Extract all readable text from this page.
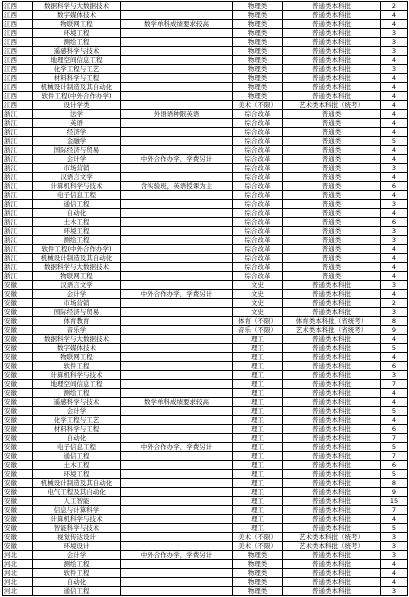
江西	数据科学与大数据技术		物理类	普通类本科批	2
江西	数字媒体技术		物理类	普通类本科批	4
江西	物联网工程	数学单科成绩要求较高	物理类	普通类本科批	4
江西	环境工程		物理类	普通类本科批	3
江西	测绘工程		物理类	普通类本科批	3
江西	遥感科学与技术		物理类	普通类本科批	3
江西	地理空间信息工程		物理类	普通类本科批	4
江西	化学工程与工艺		物理类	普通类本科批	3
江西	材料科学与工程		物理类	普通类本科批	4
江西	机械设计制造及其自动化		物理类	普通类本科批	4
江西	软件工程(中外合作办学)		物理类	普通类本科批	4
江西	设计学类		美术（不限）	艺术类本科批（统考）	4
浙江	法学	外语语种限英语	综合改革	普通类	4
浙江	英语		综合改革	普通类	4
浙江	经济学		综合改革	普通类	4
浙江	金融学		综合改革	普通类	5
浙江	国际经济与贸易		综合改革	普通类	4
浙江	会计学	中外合作办学，学费另计	综合改革	普通类	4
浙江	市场营销		综合改革	普通类	3
浙江	汉语言文学		综合改革	普通类	4
浙江	计算机科学与技术	含实验班，英语授课为主	综合改革	普通类	6
浙江	电子信息工程		综合改革	普通类	4
浙江	通信工程		综合改革	普通类	3
浙江	自动化		综合改革	普通类	4
浙江	土木工程		综合改革	普通类	6
浙江	环境工程		综合改革	普通类	3
浙江	测绘工程		综合改革	普通类	3
浙江	软件工程(中外合作办学)		综合改革	普通类	4
浙江	机械设计制造及其自动化		综合改革	普通类	4
浙江	数据科学与大数据技术		综合改革	普通类	4
浙江	物联网工程		综合改革	普通类	4
安徽	汉语言文学		文史	普通类本科批	3
安徽	会计学	中外合作办学，学费另计	文史	普通类本科批	4
安徽	市场营销		文史	普通类本科批	2
安徽	国际经济与贸易		文史	普通类本科批	3
安徽	体育教育		体育（不限）	体育类本科批（省统考）	8
安徽	音乐学		音乐（不限）	艺术类本科批（省统考）	9
安徽	数据科学与大数据技术		理工	普通类本科批	4
安徽	数字媒体技术		理工	普通类本科批	5
安徽	物联网工程		理工	普通类本科批	4
安徽	软件工程		理工	普通类本科批	6
安徽	计算机科学与技术		理工	普通类本科批	3
安徽	地理空间信息工程		理工	普通类本科批	7
安徽	测绘工程		理工	普通类本科批	4
安徽	遥感科学与技术	数学单科成绩要求较高	理工	普通类本科批	4
安徽	会计学		理工	普通类本科批	5
安徽	化学工程与工艺		理工	普通类本科批	4
安徽	材料科学与工程		理工	普通类本科批	6
安徽	自动化		理工	普通类本科批	7
安徽	电子信息工程	中外合作办学，学费另计	理工	普通类本科批	5
安徽	通信工程		理工	普通类本科批	7
安徽	土木工程		理工	普通类本科批	6
安徽	环境工程		理工	普通类本科批	5
安徽	机械设计制造及其自动化		理工	普通类本科批	8
安徽	电气工程及其自动化		理工	普通类本科批	9
安徽	人工智能		理工	普通类本科批	15
安徽	信息与计算科学		理工	普通类本科批	7
安徽	计算机科学与技术		理工	普通类本科批	4
安徽	智能科学与技术		理工	普通类本科批	5
安徽	视觉传达设计		美术（不限）	艺术类本科批（统考）	3
安徽	环境设计		美术（不限）	艺术类本科批（统考）	3
河北	会计学	中外合作办学，学费另计	物理类	普通类本科批	3
河北	测绘工程		物理类	普通类本科批	4
河北	软件工程		物理类	普通类本科批	4
河北	自动化		物理类	普通类本科批	4
河北	通信工程		物理类	普通类本科批	3
